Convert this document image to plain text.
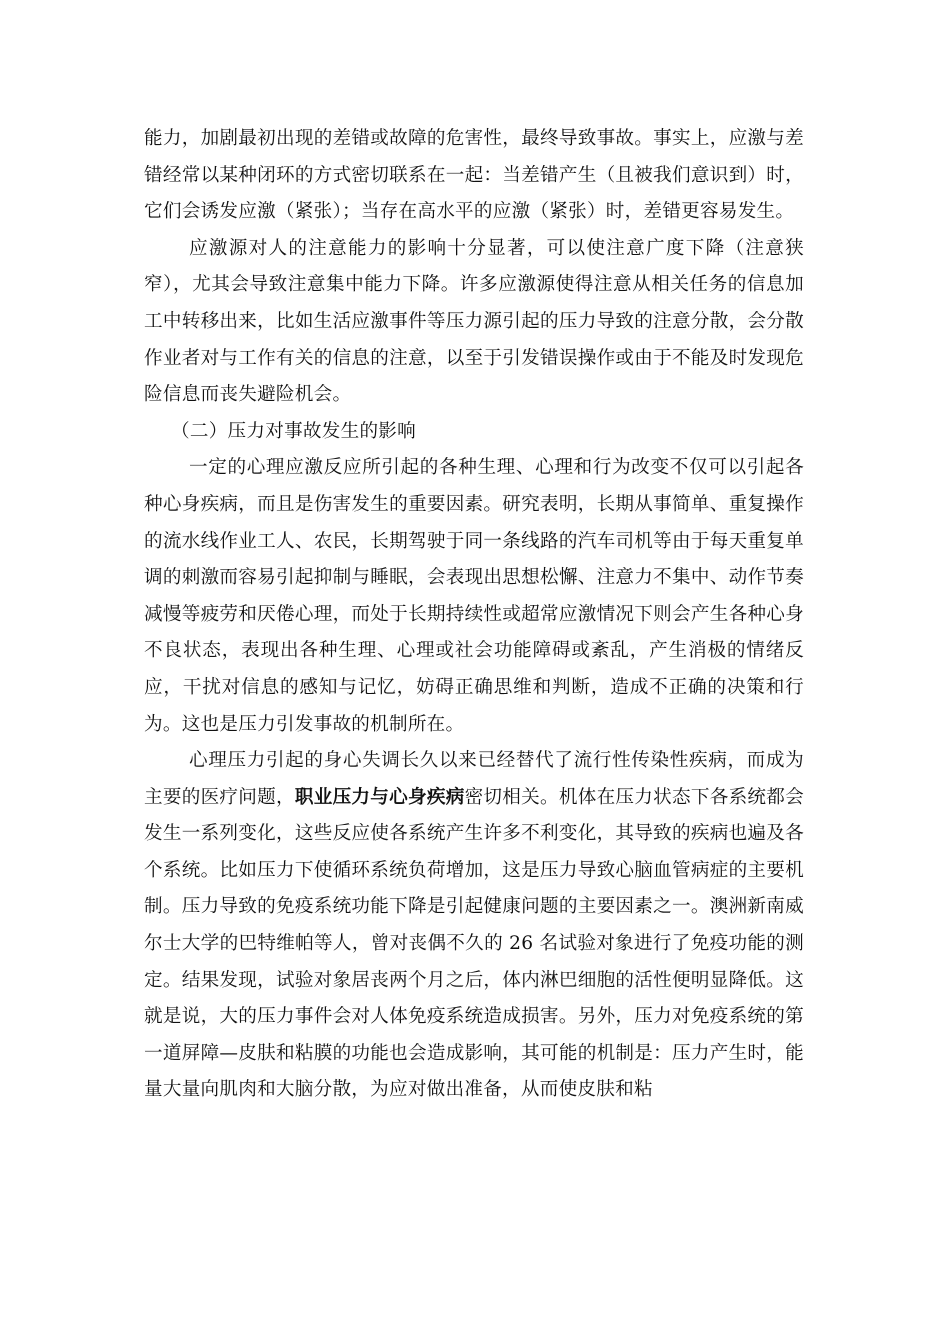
能力，加剧最初出现的差错或故障的危害性，最终导致事故。事实上，应激与差错经常以某种闭环的方式密切联系在一起：当差错产生（且被我们意识到）时，它们会诱发应激（紧张）；当存在高水平的应激（紧张）时，差错更容易发生。

应激源对人的注意能力的影响十分显著，可以使注意广度下降（注意狭窄），尤其会导致注意集中能力下降。许多应激源使得注意从相关任务的信息加工中转移出来，比如生活应激事件等压力源引起的压力导致的注意分散，会分散作业者对与工作有关的信息的注意，以至于引发错误操作或由于不能及时发现危险信息而丧失避险机会。

（二）压力对事故发生的影响

一定的心理应激反应所引起的各种生理、心理和行为改变不仅可以引起各种心身疾病，而且是伤害发生的重要因素。研究表明，长期从事简单、重复操作的流水线作业工人、农民，长期驾驶于同一条线路的汽车司机等由于每天重复单调的刺激而容易引起抑制与睡眠，会表现出思想松懈、注意力不集中、动作节奏减慢等疲劳和厌倦心理，而处于长期持续性或超常应激情况下则会产生各种心身不良状态，表现出各种生理、心理或社会功能障碍或紊乱，产生消极的情绪反应，干扰对信息的感知与记忆，妨碍正确思维和判断，造成不正确的决策和行为。这也是压力引发事故的机制所在。

心理压力引起的身心失调长久以来已经替代了流行性传染性疾病，而成为主要的医疗问题，职业压力与心身疾病密切相关。机体在压力状态下各系统都会发生一系列变化，这些反应使各系统产生许多不利变化，其导致的疾病也遍及各个系统。比如压力下使循环系统负荷增加，这是压力导致心脑血管病症的主要机制。压力导致的免疫系统功能下降是引起健康问题的主要因素之一。澳洲新南威尔士大学的巴特维帕等人，曾对丧偶不久的 26 名试验对象进行了免疫功能的测定。结果发现，试验对象居丧两个月之后，体内淋巴细胞的活性便明显降低。这就是说，大的压力事件会对人体免疫系统造成损害。另外，压力对免疫系统的第一道屏障—皮肤和粘膜的功能也会造成影响，其可能的机制是：压力产生时，能量大量向肌肉和大脑分散，为应对做出准备，从而使皮肤和粘
